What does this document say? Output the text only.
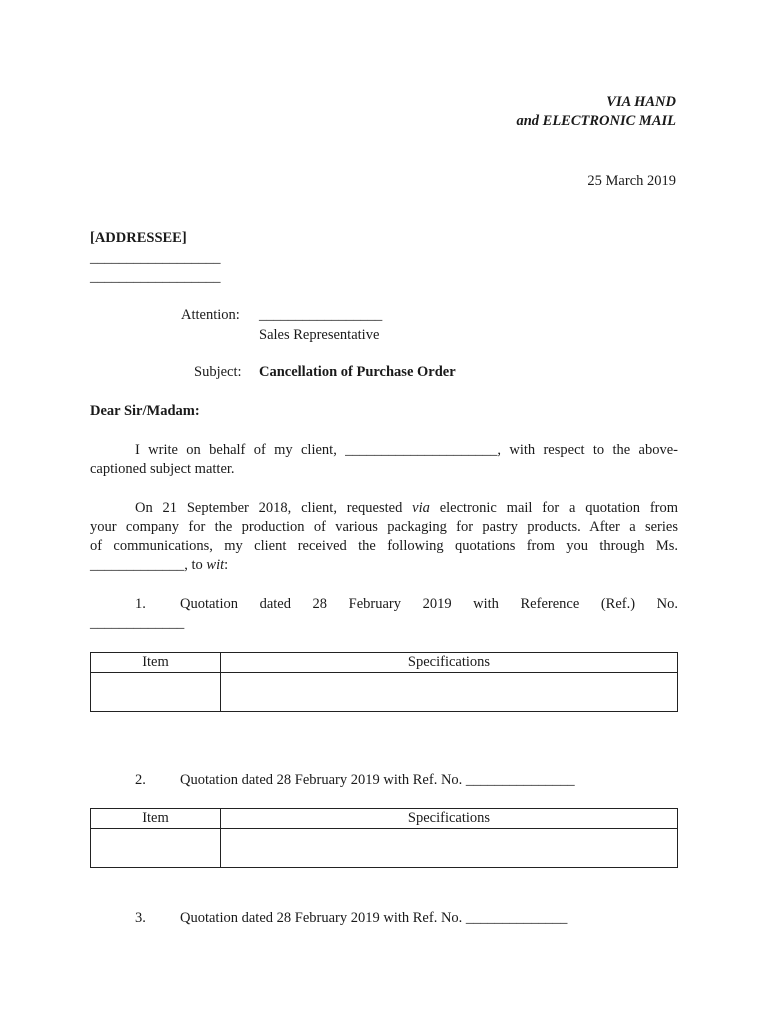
VIA HAND
and ELECTRONIC MAIL
25 March 2019
[ADDRESSEE]
__________________
__________________
Attention: _________________
Sales Representative
Subject: Cancellation of Purchase Order
Dear Sir/Madam:
I write on behalf of my client, _____________________, with respect to the above-
captioned subject matter.
On 21 September 2018, client, requested via electronic mail for a quotation from
your company for the production of various packaging for pastry products. After a series
of communications, my client received the following quotations from you through Ms.
_____________, to wit:
1. Quotation dated 28 February 2019 with Reference (Ref.) No.
_____________
Item	Specifications

2. Quotation dated 28 February 2019 with Ref. No. _______________
Item	Specifications

3. Quotation dated 28 February 2019 with Ref. No. ______________
